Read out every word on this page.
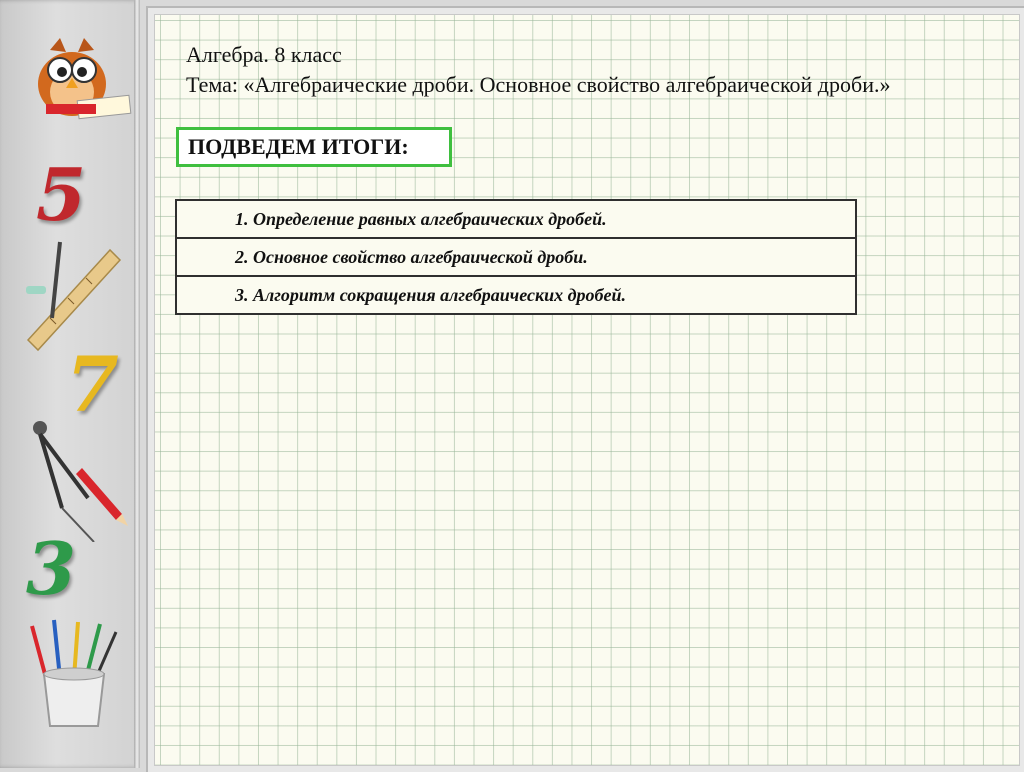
5
7
3
Алгебра. 8 класс
Тема: «Алгебраические дроби. Основное свойство алгебраической дроби.»
ПОДВЕДЕМ ИТОГИ:
1. Определение равных алгебраических дробей.
2. Основное свойство алгебраической дроби.
3. Алгоритм сокращения алгебраических дробей.
